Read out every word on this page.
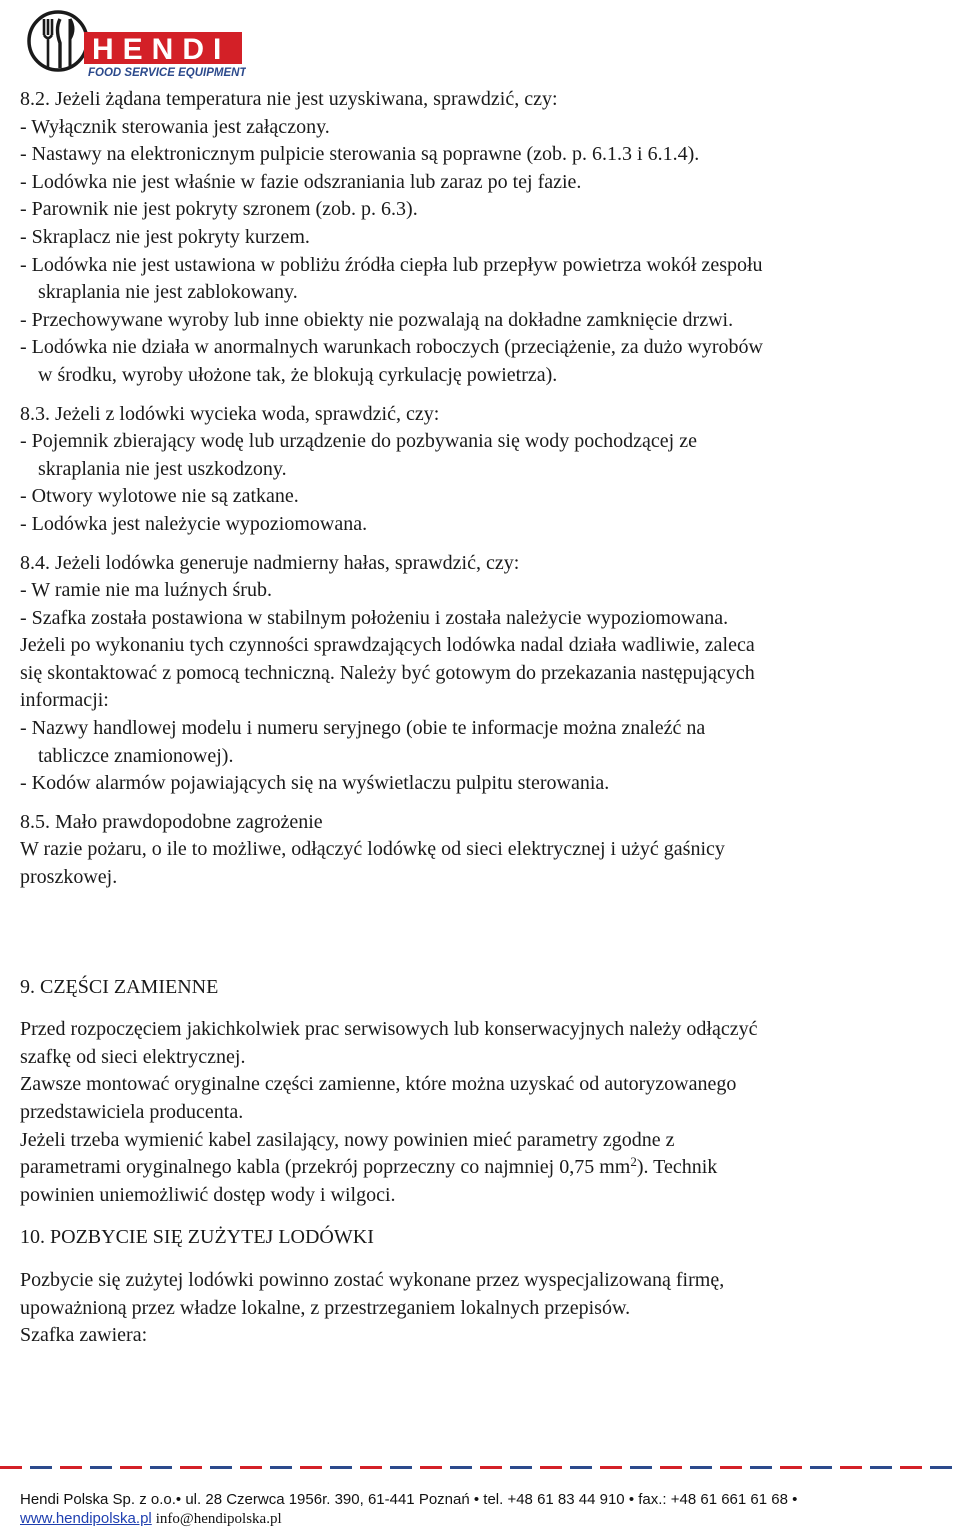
HENDI
FOOD SERVICE EQUIPMENT

8.2. Jeżeli żądana temperatura nie jest uzyskiwana, sprawdzić, czy:

- Wyłącznik sterowania jest załączony.

- Nastawy na elektronicznym pulpicie sterowania są poprawne (zob. p. 6.1.3 i 6.1.4).

- Lodówka nie jest właśnie w fazie odszraniania lub zaraz po tej fazie.

- Parownik nie jest pokryty szronem (zob. p. 6.3).

- Skraplacz nie jest pokryty kurzem.

- Lodówka nie jest ustawiona w pobliżu źródła ciepła lub przepływ powietrza wokół zespołu

skraplania nie jest zablokowany.

- Przechowywane wyroby lub inne obiekty nie pozwalają na dokładne zamknięcie drzwi.

- Lodówka nie działa w anormalnych warunkach roboczych (przeciążenie, za dużo wyrobów

w środku, wyroby ułożone tak, że blokują cyrkulację powietrza).

8.3. Jeżeli z lodówki wycieka woda, sprawdzić, czy:

- Pojemnik zbierający wodę lub urządzenie do pozbywania się wody pochodzącej ze

skraplania nie jest uszkodzony.

- Otwory wylotowe nie są zatkane.

- Lodówka jest należycie wypoziomowana.

8.4. Jeżeli lodówka generuje nadmierny hałas, sprawdzić, czy:

- W ramie nie ma luźnych śrub.

- Szafka została postawiona w stabilnym położeniu i została należycie wypoziomowana.

Jeżeli po wykonaniu tych czynności sprawdzających lodówka nadal działa wadliwie, zaleca

się skontaktować z pomocą techniczną. Należy być gotowym do przekazania następujących

informacji:

- Nazwy handlowej modelu i numeru seryjnego (obie te informacje można znaleźć na

tabliczce znamionowej).

- Kodów alarmów pojawiających się na wyświetlaczu pulpitu sterowania.

8.5. Mało prawdopodobne zagrożenie

W razie pożaru, o ile to możliwe, odłączyć lodówkę od sieci elektrycznej i użyć gaśnicy

proszkowej.

9. CZĘŚCI ZAMIENNE

Przed rozpoczęciem jakichkolwiek prac serwisowych lub konserwacyjnych należy odłączyć

szafkę od sieci elektrycznej.

Zawsze montować oryginalne części zamienne, które można uzyskać od autoryzowanego

przedstawiciela producenta.

Jeżeli trzeba wymienić kabel zasilający, nowy powinien mieć parametry zgodne z

parametrami oryginalnego kabla (przekrój poprzeczny co najmniej 0,75 $mm^2$). Technik

powinien uniemożliwić dostęp wody i wilgoci.

10. POZBYCIE SIĘ ZUŻYTEJ LODÓWKI

Pozbycie się zużytej lodówki powinno zostać wykonane przez wyspecjalizowaną firmę,

upoważnioną przez władze lokalne, z przestrzeganiem lokalnych przepisów.

Szafka zawiera:

Hendi Polska Sp. z o.o.• ul. 28 Czerwca 1956r. 390, 61-441 Poznań • tel. +48 61 83 44 910 • fax.: +48 61 661 61 68 •
www.hendipolska.pl info@hendipolska.pl
